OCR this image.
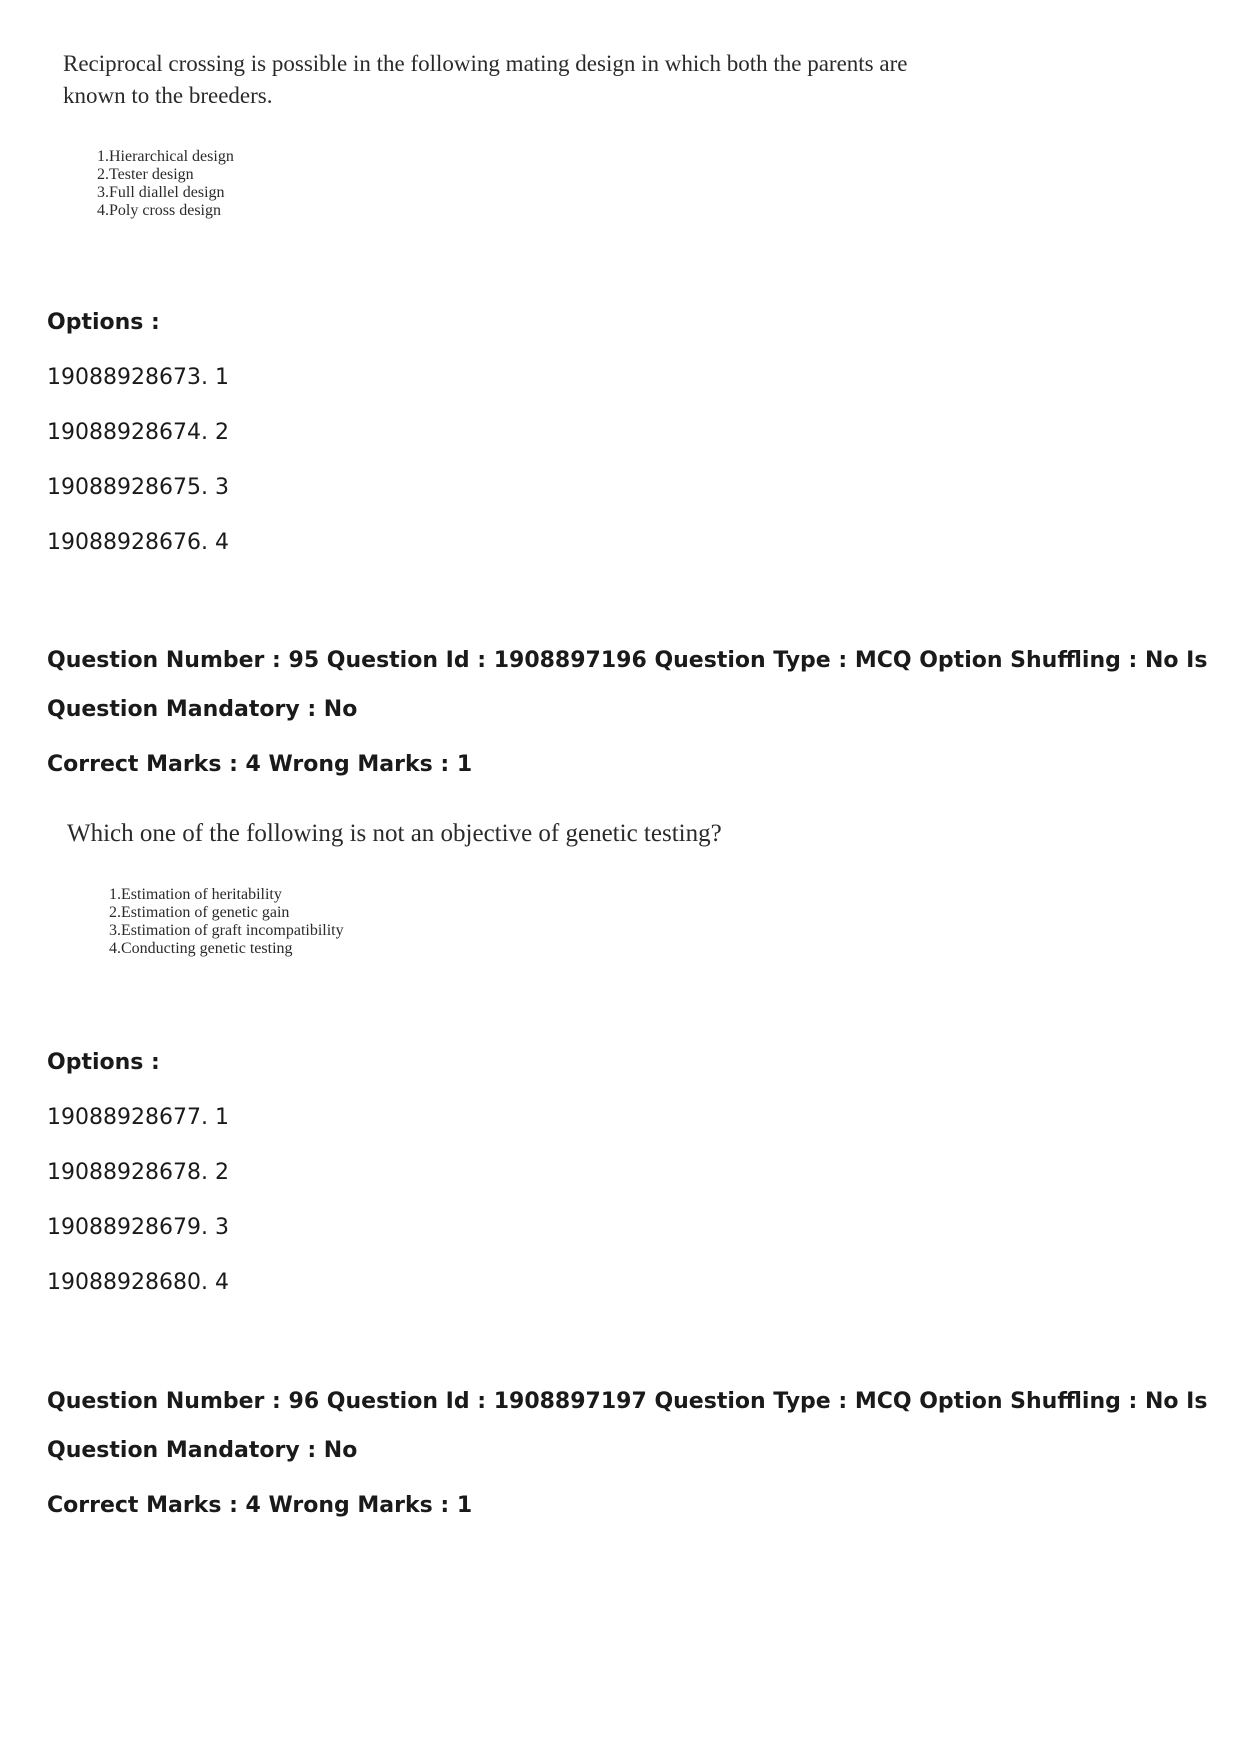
Reciprocal crossing is possible in the following mating design in which both the parents are
known to the breeders.
1. Hierarchical design
2. Tester design
3. Full diallel design
4. Poly cross design
Options :
19088928673. 1
19088928674. 2
19088928675. 3
19088928676. 4
Question Number : 95 Question Id : 1908897196 Question Type : MCQ Option Shuffling : No Is
Question Mandatory : No
Correct Marks : 4 Wrong Marks : 1
Which one of the following is not an objective of genetic testing?
1. Estimation of heritability
2. Estimation of genetic gain
3. Estimation of graft incompatibility
4. Conducting genetic testing
Options :
19088928677. 1
19088928678. 2
19088928679. 3
19088928680. 4
Question Number : 96 Question Id : 1908897197 Question Type : MCQ Option Shuffling : No Is
Question Mandatory : No
Correct Marks : 4 Wrong Marks : 1
